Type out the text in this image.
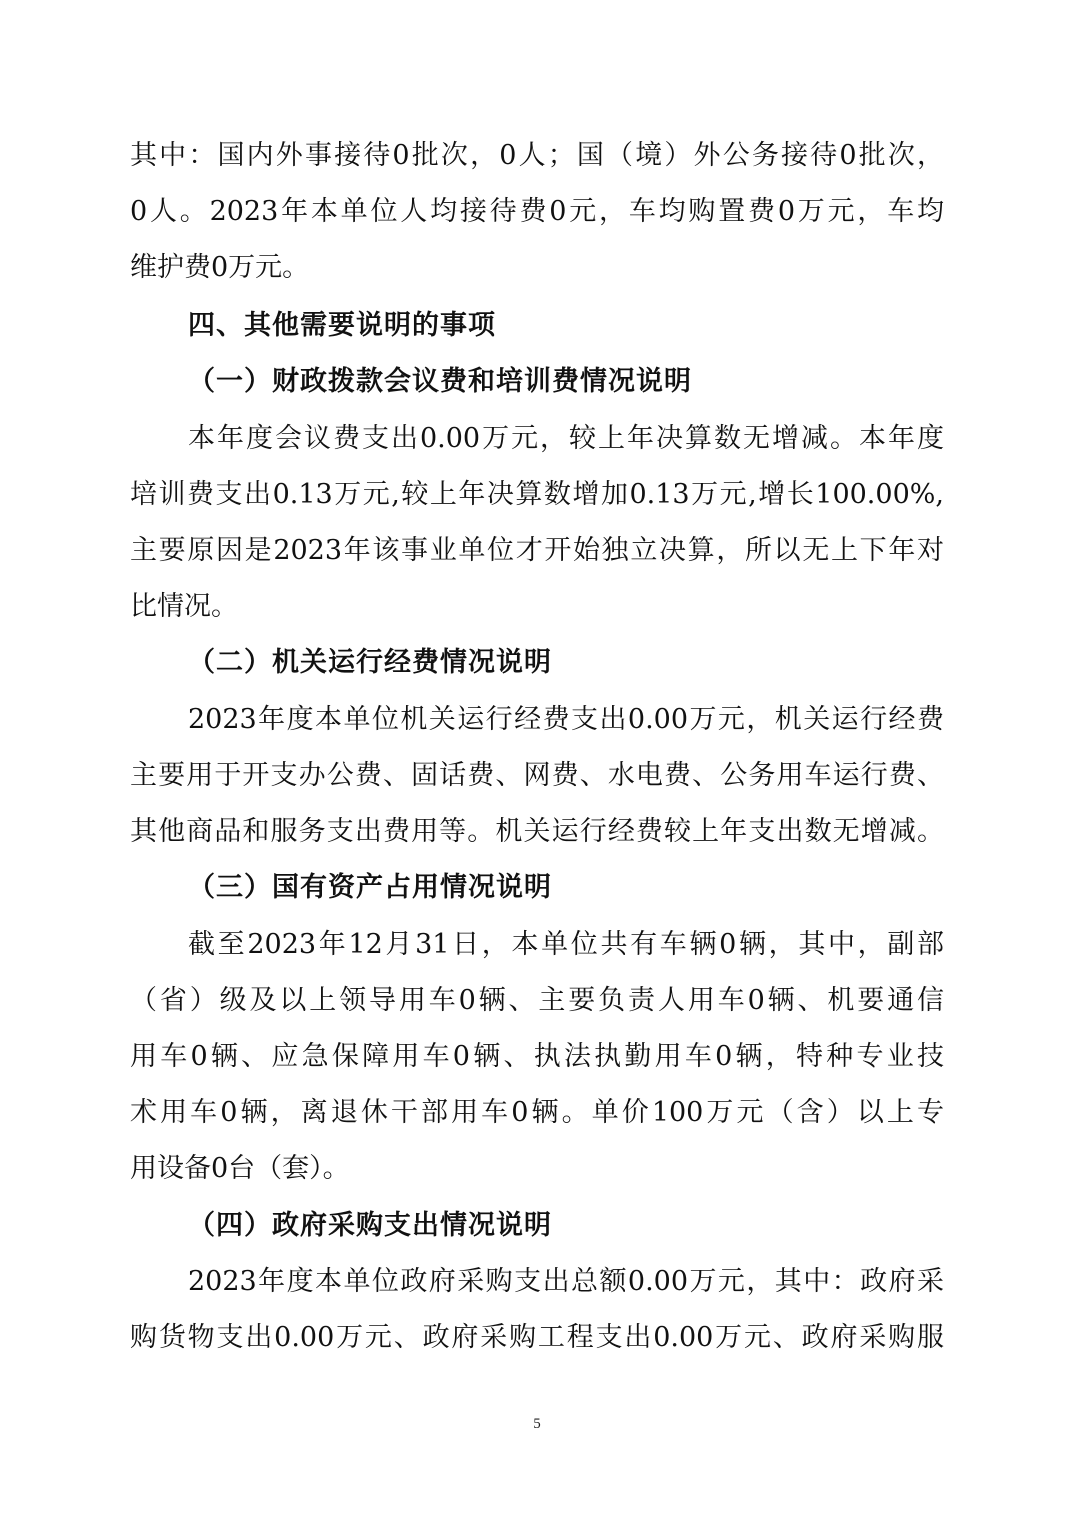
其中：国内外事接待0批次，0人；国（境）外公务接待0批次，
0人。2023年本单位人均接待费0元，车均购置费0万元，车均
维护费0万元。
四、其他需要说明的事项
（一）财政拨款会议费和培训费情况说明
本年度会议费支出0.00万元，较上年决算数无增减。本年度
培训费支出0.13万元,较上年决算数增加0.13万元,增长100.00%,
主要原因是2023年该事业单位才开始独立决算，所以无上下年对
比情况。
（二）机关运行经费情况说明
2023年度本单位机关运行经费支出0.00万元，机关运行经费
主要用于开支办公费、固话费、网费、水电费、公务用车运行费、
其他商品和服务支出费用等。机关运行经费较上年支出数无增减。
（三）国有资产占用情况说明
截至2023年12月31日，本单位共有车辆0辆，其中，副部
（省）级及以上领导用车0辆、主要负责人用车0辆、机要通信
用车0辆、应急保障用车0辆、执法执勤用车0辆，特种专业技
术用车0辆，离退休干部用车0辆。单价100万元（含）以上专
用设备0台（套）。
（四）政府采购支出情况说明
2023年度本单位政府采购支出总额0.00万元，其中：政府采
购货物支出0.00万元、政府采购工程支出0.00万元、政府采购服
5
